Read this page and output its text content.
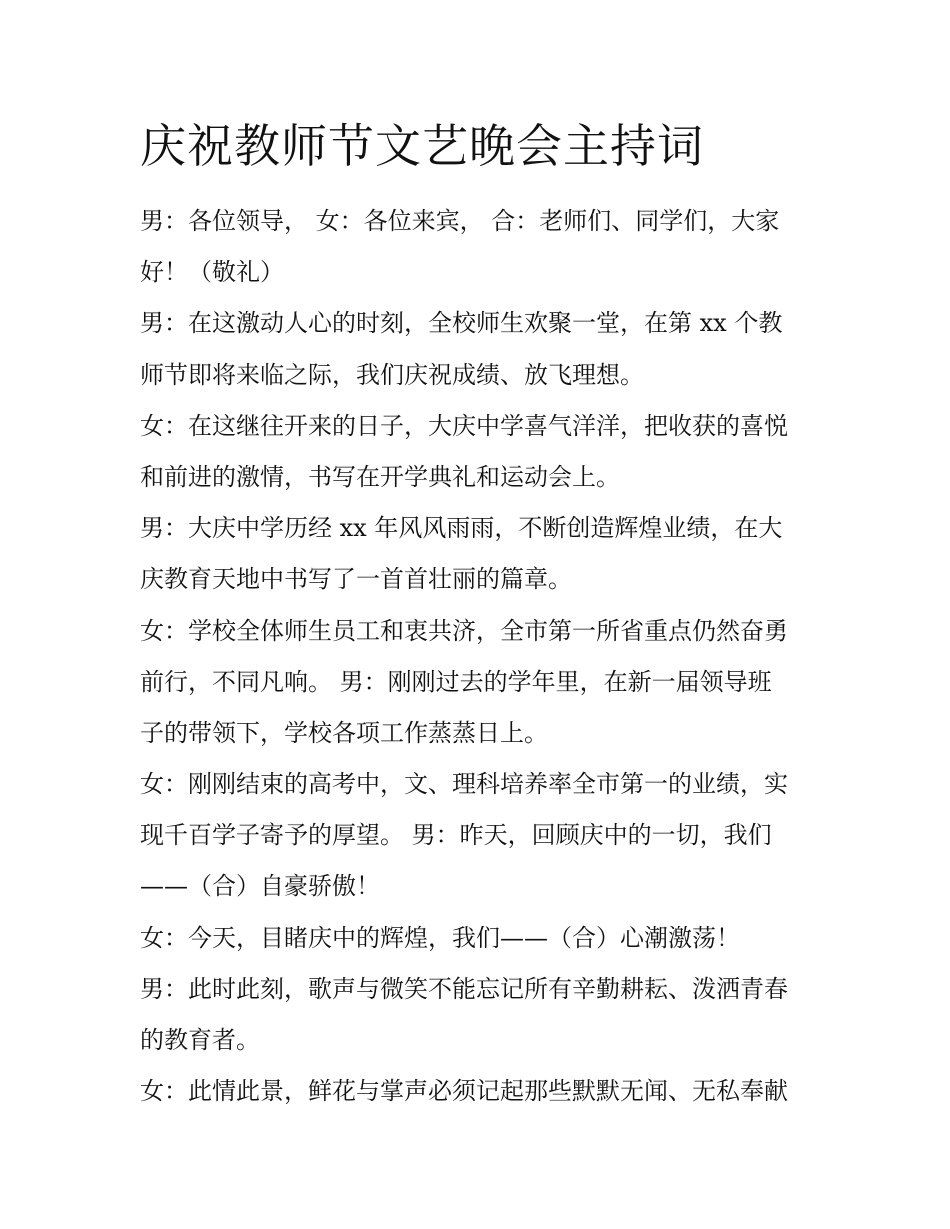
庆祝教师节文艺晚会主持词
男：各位领导， 女：各位来宾， 合：老师们、同学们，大家
好！（敬礼）
男：在这激动人心的时刻，全校师生欢聚一堂，在第 xx 个教
师节即将来临之际，我们庆祝成绩、放飞理想。
女：在这继往开来的日子，大庆中学喜气洋洋，把收获的喜悦
和前进的激情，书写在开学典礼和运动会上。
男：大庆中学历经 xx 年风风雨雨，不断创造辉煌业绩，在大
庆教育天地中书写了一首首壮丽的篇章。
女：学校全体师生员工和衷共济，全市第一所省重点仍然奋勇
前行，不同凡响。 男：刚刚过去的学年里，在新一届领导班
子的带领下，学校各项工作蒸蒸日上。
女：刚刚结束的高考中，文、理科培养率全市第一的业绩，实
现千百学子寄予的厚望。 男：昨天，回顾庆中的一切，我们
——（合）自豪骄傲！
女：今天，目睹庆中的辉煌，我们——（合）心潮激荡！
男：此时此刻，歌声与微笑不能忘记所有辛勤耕耘、泼洒青春
的教育者。
女：此情此景，鲜花与掌声必须记起那些默默无闻、无私奉献
